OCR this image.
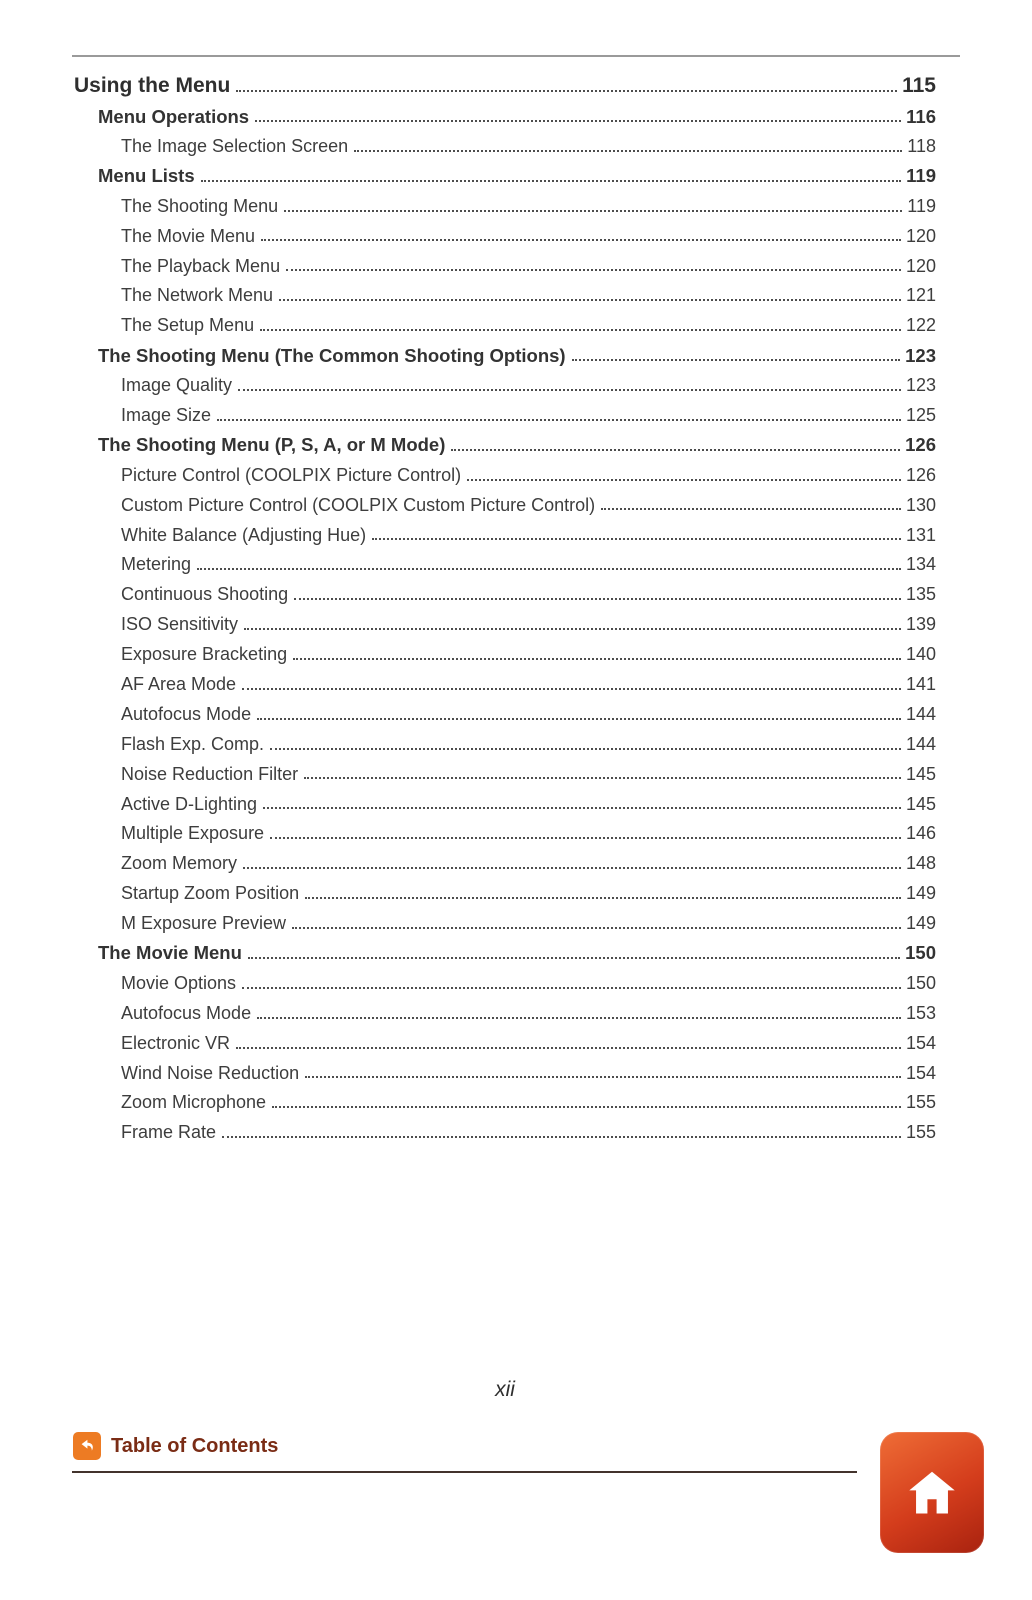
Using the Menu	115
Menu Operations	116
The Image Selection Screen	118
Menu Lists	119
The Shooting Menu	119
The Movie Menu	120
The Playback Menu	120
The Network Menu	121
The Setup Menu	122
The Shooting Menu (The Common Shooting Options)	123
Image Quality	123
Image Size	125
The Shooting Menu (P, S, A, or M Mode)	126
Picture Control (COOLPIX Picture Control)	126
Custom Picture Control (COOLPIX Custom Picture Control)	130
White Balance (Adjusting Hue)	131
Metering	134
Continuous Shooting	135
ISO Sensitivity	139
Exposure Bracketing	140
AF Area Mode	141
Autofocus Mode	144
Flash Exp. Comp.	144
Noise Reduction Filter	145
Active D-Lighting	145
Multiple Exposure	146
Zoom Memory	148
Startup Zoom Position	149
M Exposure Preview	149
The Movie Menu	150
Movie Options	150
Autofocus Mode	153
Electronic VR	154
Wind Noise Reduction	154
Zoom Microphone	155
Frame Rate	155
xii
Table of Contents
